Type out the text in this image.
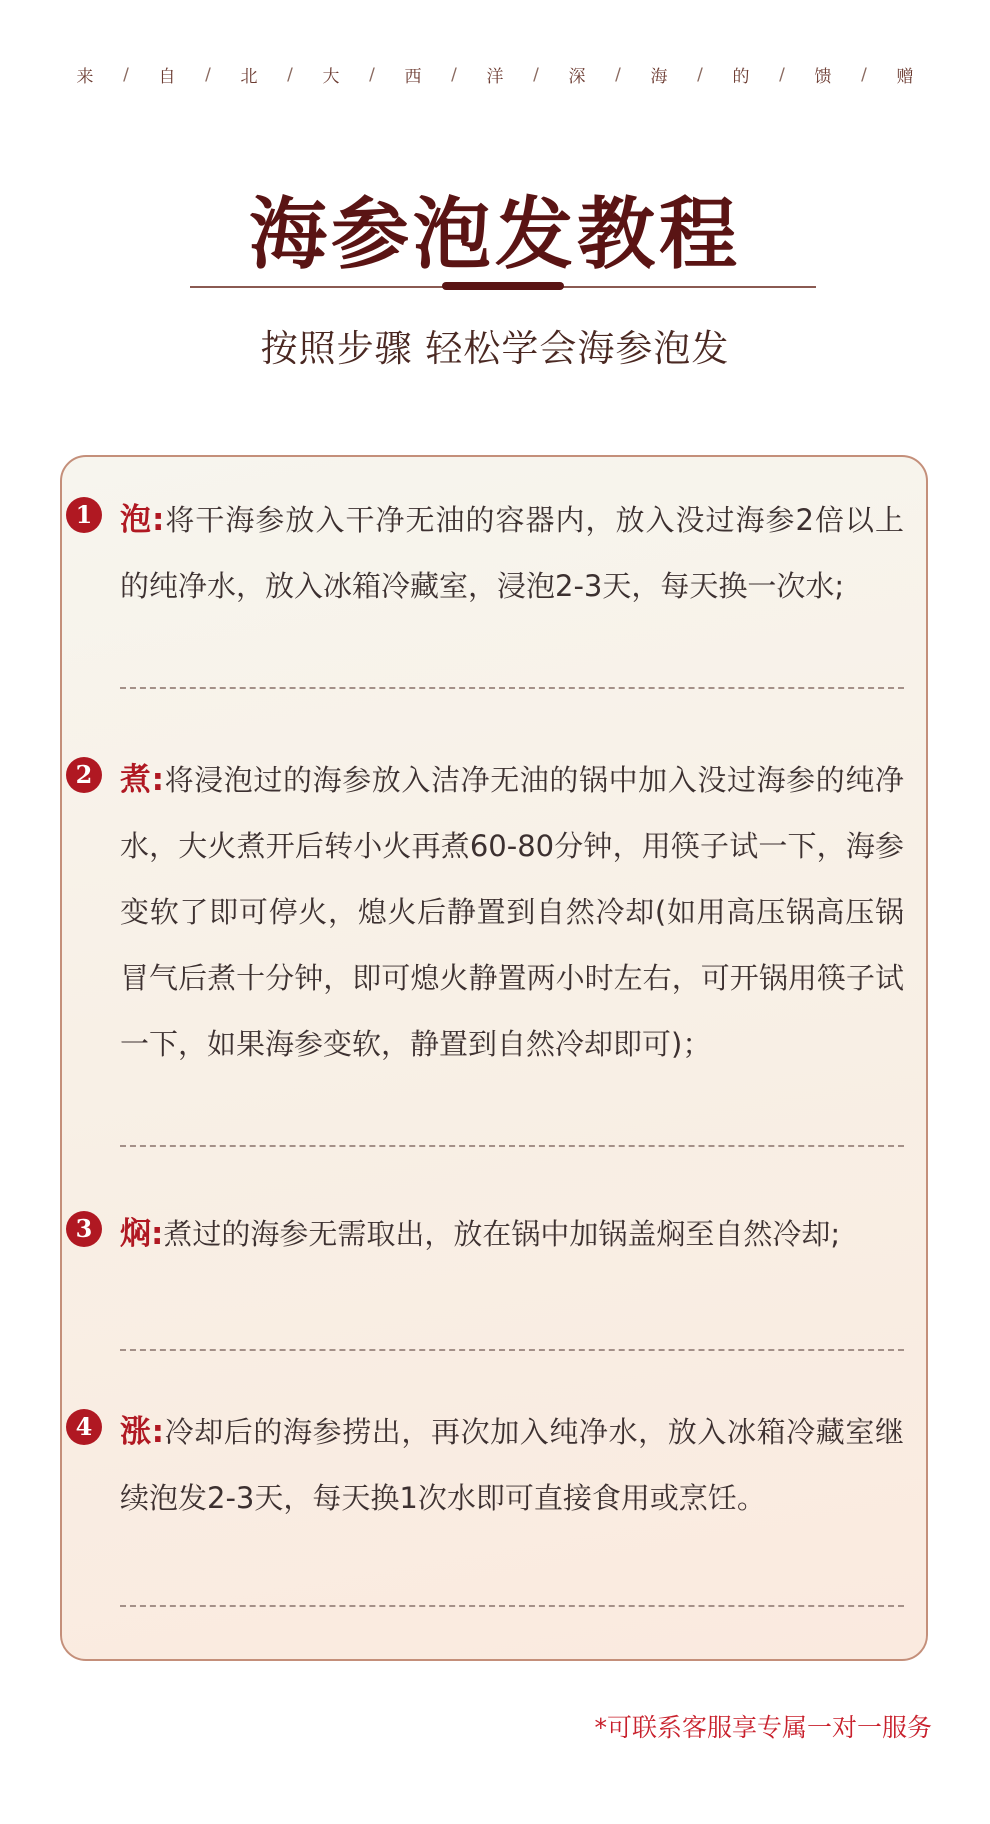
来	/	自	/	北	/	大	/	西	/	洋	/	深	/	海	/	的	/	馈	/	赠
海参泡发教程
按照步骤 轻松学会海参泡发
1 泡:将干海参放入干净无油的容器内，放入没过海参2倍以上的纯净水，放入冰箱冷藏室，浸泡2-3天，每天换一次水;

2 煮:将浸泡过的海参放入洁净无油的锅中加入没过海参的纯净水，大火煮开后转小火再煮60-80分钟，用筷子试一下，海参变软了即可停火，熄火后静置到自然冷却(如用高压锅高压锅冒气后煮十分钟，即可熄火静置两小时左右，可开锅用筷子试一下，如果海参变软，静置到自然冷却即可)；

3 焖:煮过的海参无需取出，放在锅中加锅盖焖至自然冷却;

4 涨:冷却后的海参捞出，再次加入纯净水，放入冰箱冷藏室继续泡发2-3天，每天换1次水即可直接食用或烹饪。

*可联系客服享专属一对一服务
